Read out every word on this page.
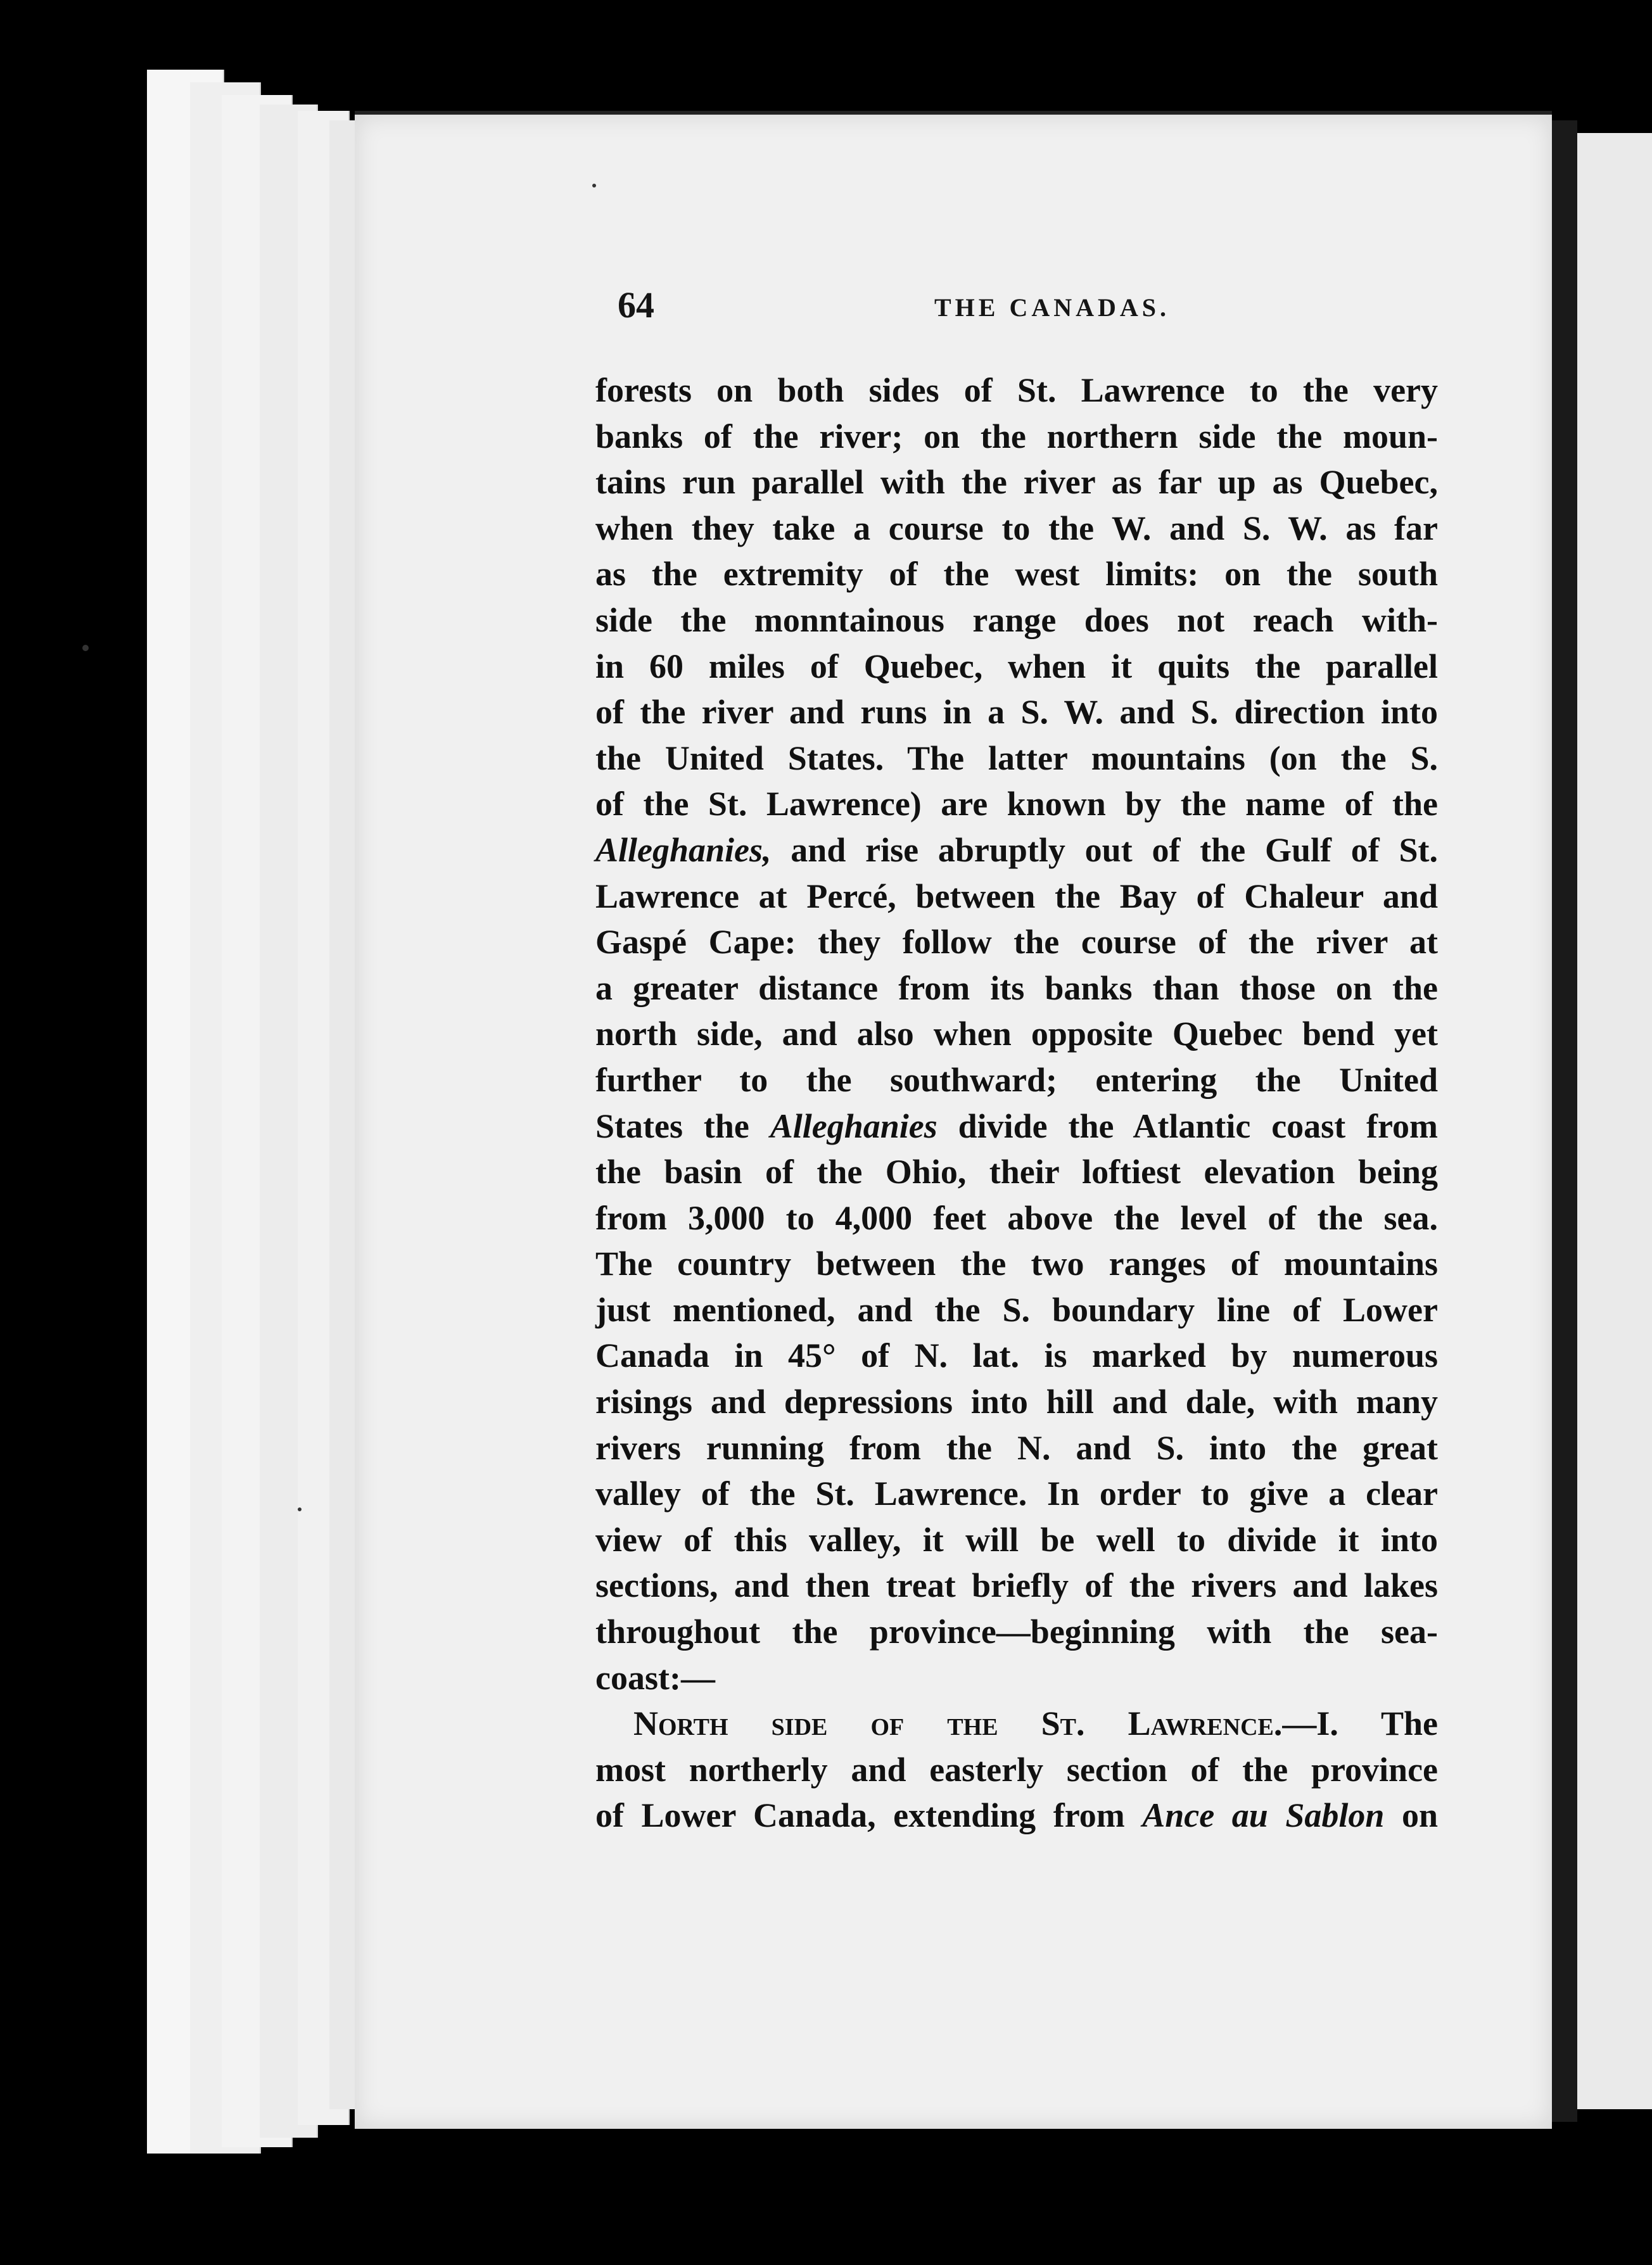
64	THE CANADAS.
forests on both sides of St. Lawrence to the very
banks of the river; on the northern side the moun-
tains run parallel with the river as far up as Quebec,
when they take a course to the W. and S. W. as far
as the extremity of the west limits: on the south
side the monntainous range does not reach with-
in 60 miles of Quebec, when it quits the parallel
of the river and runs in a S. W. and S. direction into
the United States. The latter mountains (on the S.
of the St. Lawrence) are known by the name of the
Alleghanies, and rise abruptly out of the Gulf of St.
Lawrence at Percé, between the Bay of Chaleur and
Gaspé Cape: they follow the course of the river at
a greater distance from its banks than those on the
north side, and also when opposite Quebec bend yet
further to the southward; entering the United
States the Alleghanies divide the Atlantic coast from
the basin of the Ohio, their loftiest elevation being
from 3,000 to 4,000 feet above the level of the sea.
The country between the two ranges of mountains
just mentioned, and the S. boundary line of Lower
Canada in 45° of N. lat. is marked by numerous
risings and depressions into hill and dale, with many
rivers running from the N. and S. into the great
valley of the St. Lawrence. In order to give a clear
view of this valley, it will be well to divide it into
sections, and then treat briefly of the rivers and lakes
throughout the province—beginning with the sea-
coast:—
North side of the St. Lawrence.—I. The
most northerly and easterly section of the province
of Lower Canada, extending from Ance au Sablon on
